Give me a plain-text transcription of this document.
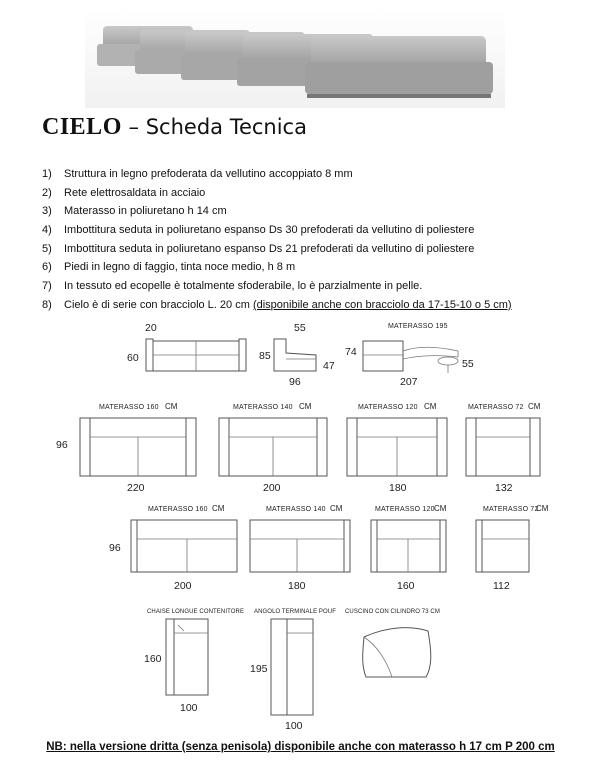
CIELO – Scheda Tecnica
1) Struttura in legno prefoderata da vellutino accoppiato 8 mm
2) Rete elettrosaldata in acciaio
3) Materasso in poliuretano h 14 cm
4) Imbottitura seduta in poliuretano espanso Ds 30 prefoderati da vellutino di poliestere
5) Imbottitura seduta in poliuretano espanso Ds 21 prefoderati da vellutino di poliestere
6) Piedi in legno di faggio, tinta noce medio, h 8 m
7) In tessuto ed ecopelle è totalmente sfoderabile, lo è parzialmente in pelle.
8) Cielo è di serie con bracciolo L. 20 cm (disponibile anche con bracciolo da 17-15-10 o 5 cm)
20
60
55
85
47
96
MATERASSO 195
74
207
55
96
MATERASSO 160 CM
220
MATERASSO 140 CM
200
MATERASSO 120 CM
180
MATERASSO 72 CM
132
96
MATERASSO 160 CM
200
MATERASSO 140 CM
180
MATERASSO 120 CM
160
MATERASSO 72
CM
112
CHAISE LONGUE CONTENITORE
160
100
ANGOLO TERMINALE POUF
195
100
CUSCINO CON CILINDRO 73 CM
NB: nella versione dritta (senza penisola) disponibile anche con materasso h 17 cm P 200 cm
